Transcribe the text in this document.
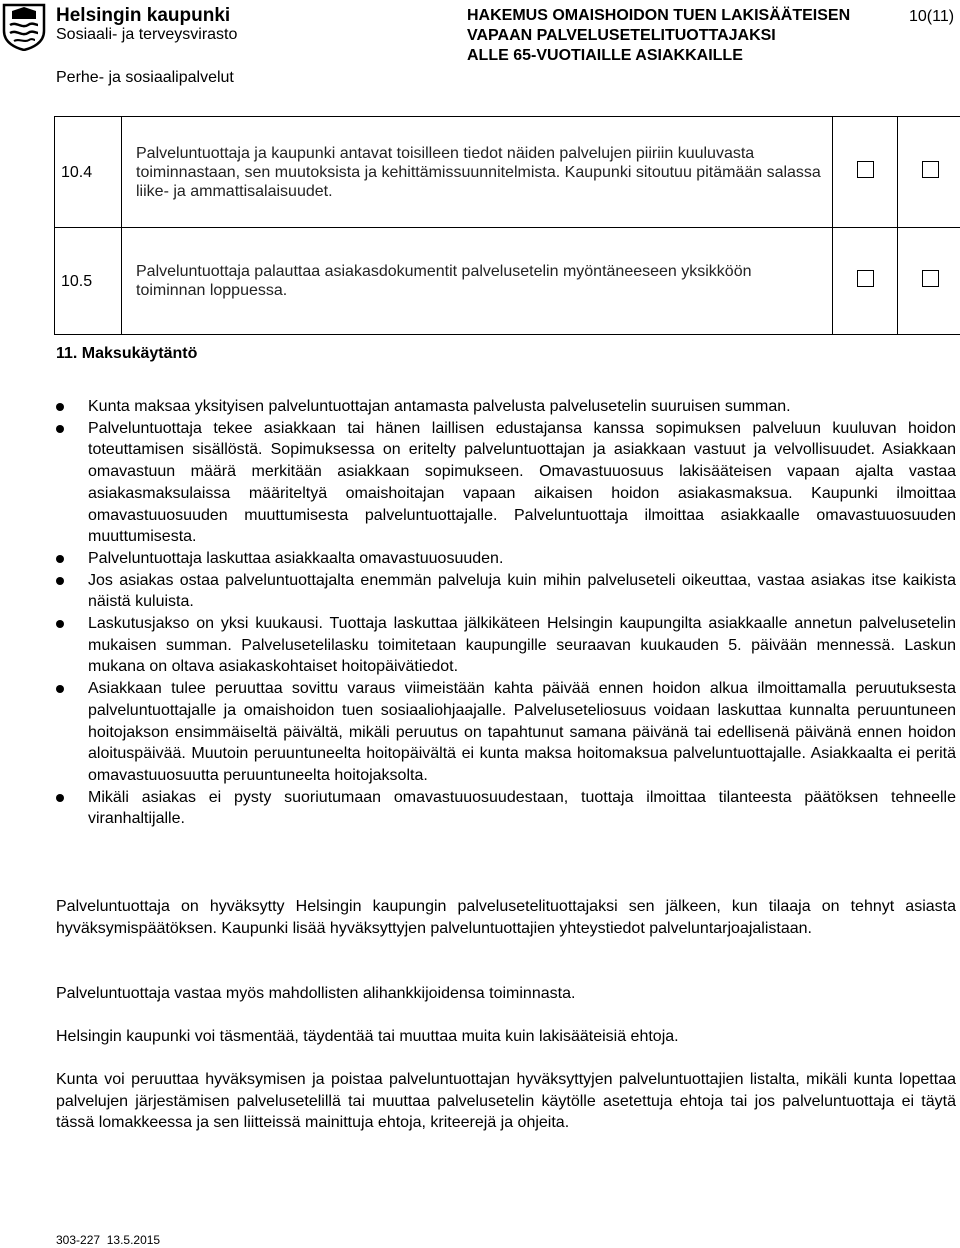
Helsingin kaupunki
Sosiaali- ja terveysvirasto
Perhe- ja sosiaalipalvelut
HAKEMUS OMAISHOIDON TUEN LAKISÄÄTEISEN
VAPAAN PALVELUSETELITUOTTAJAKSI
ALLE 65-VUOTIAILLE ASIAKKAILLE
10(11)
10.4	Palveluntuottaja ja kaupunki antavat toisilleen tiedot näiden palvelujen piiriin kuuluvasta toiminnastaan, sen muutoksista ja kehittämissuunnitelmista. Kaupunki sitoutuu pitämään salassa liike- ja ammattisalaisuudet.		
10.5	Palveluntuottaja palauttaa asiakasdokumentit palvelusetelin myöntäneeseen yksikköön toiminnan loppuessa.		
11. Maksukäytäntö
Kunta maksaa yksityisen palveluntuottajan antamasta palvelusta palvelusetelin suuruisen summan.
Palveluntuottaja tekee asiakkaan tai hänen laillisen edustajansa kanssa sopimuksen palveluun kuuluvan hoidon toteuttamisen sisällöstä. Sopimuksessa on eritelty palveluntuottajan ja asiakkaan vastuut ja velvollisuudet. Asiakkaan omavastuun määrä merkitään asiakkaan sopimukseen. Omavastuuosuus lakisääteisen vapaan ajalta vastaa asiakasmaksulaissa määriteltyä omaishoitajan vapaan aikaisen hoidon asiakasmaksua. Kaupunki ilmoittaa omavastuuosuuden muuttumisesta palveluntuottajalle. Palveluntuottaja ilmoittaa asiakkaalle omavastuuosuuden muuttumisesta.
Palveluntuottaja laskuttaa asiakkaalta omavastuuosuuden.
Jos asiakas ostaa palveluntuottajalta enemmän palveluja kuin mihin palveluseteli oikeuttaa, vastaa asiakas itse kaikista näistä kuluista.
Laskutusjakso on yksi kuukausi. Tuottaja laskuttaa jälkikäteen Helsingin kaupungilta asiakkaalle annetun palvelusetelin mukaisen summan. Palvelusetelilasku toimitetaan kaupungille seuraavan kuukauden 5. päivään mennessä. Laskun mukana on oltava asiakaskohtaiset hoitopäivätiedot.
Asiakkaan tulee peruuttaa sovittu varaus viimeistään kahta päivää ennen hoidon alkua ilmoittamalla peruutuksesta palveluntuottajalle ja omaishoidon tuen sosiaaliohjaajalle. Palveluseteliosuus voidaan laskuttaa kunnalta peruuntuneen hoitojakson ensimmäiseltä päivältä, mikäli peruutus on tapahtunut samana päivänä tai edellisenä päivänä ennen hoidon aloituspäivää. Muutoin peruuntuneelta hoitopäivältä ei kunta maksa hoitomaksua palveluntuottajalle. Asiakkaalta ei peritä omavastuuosuutta peruuntuneelta hoitojaksolta.
Mikäli asiakas ei pysty suoriutumaan omavastuuosuudestaan, tuottaja ilmoittaa tilanteesta päätöksen tehneelle viranhaltijalle.
Palveluntuottaja on hyväksytty Helsingin kaupungin palvelusetelituottajaksi sen jälkeen, kun tilaaja on tehnyt asiasta hyväksymispäätöksen. Kaupunki lisää hyväksyttyjen palveluntuottajien yhteystiedot palveluntarjoajalistaan.
Palveluntuottaja vastaa myös mahdollisten alihankkijoidensa toiminnasta.
Helsingin kaupunki voi täsmentää, täydentää tai muuttaa muita kuin lakisääteisiä ehtoja.
Kunta voi peruuttaa hyväksymisen ja poistaa palveluntuottajan hyväksyttyjen palveluntuottajien listalta, mikäli kunta lopettaa palvelujen järjestämisen palvelusetelillä tai muuttaa palvelusetelin käytölle asetettuja ehtoja tai jos palveluntuottaja ei täytä tässä lomakkeessa ja sen liitteissä mainittuja ehtoja, kriteerejä ja ohjeita.
303-227 13.5.2015
